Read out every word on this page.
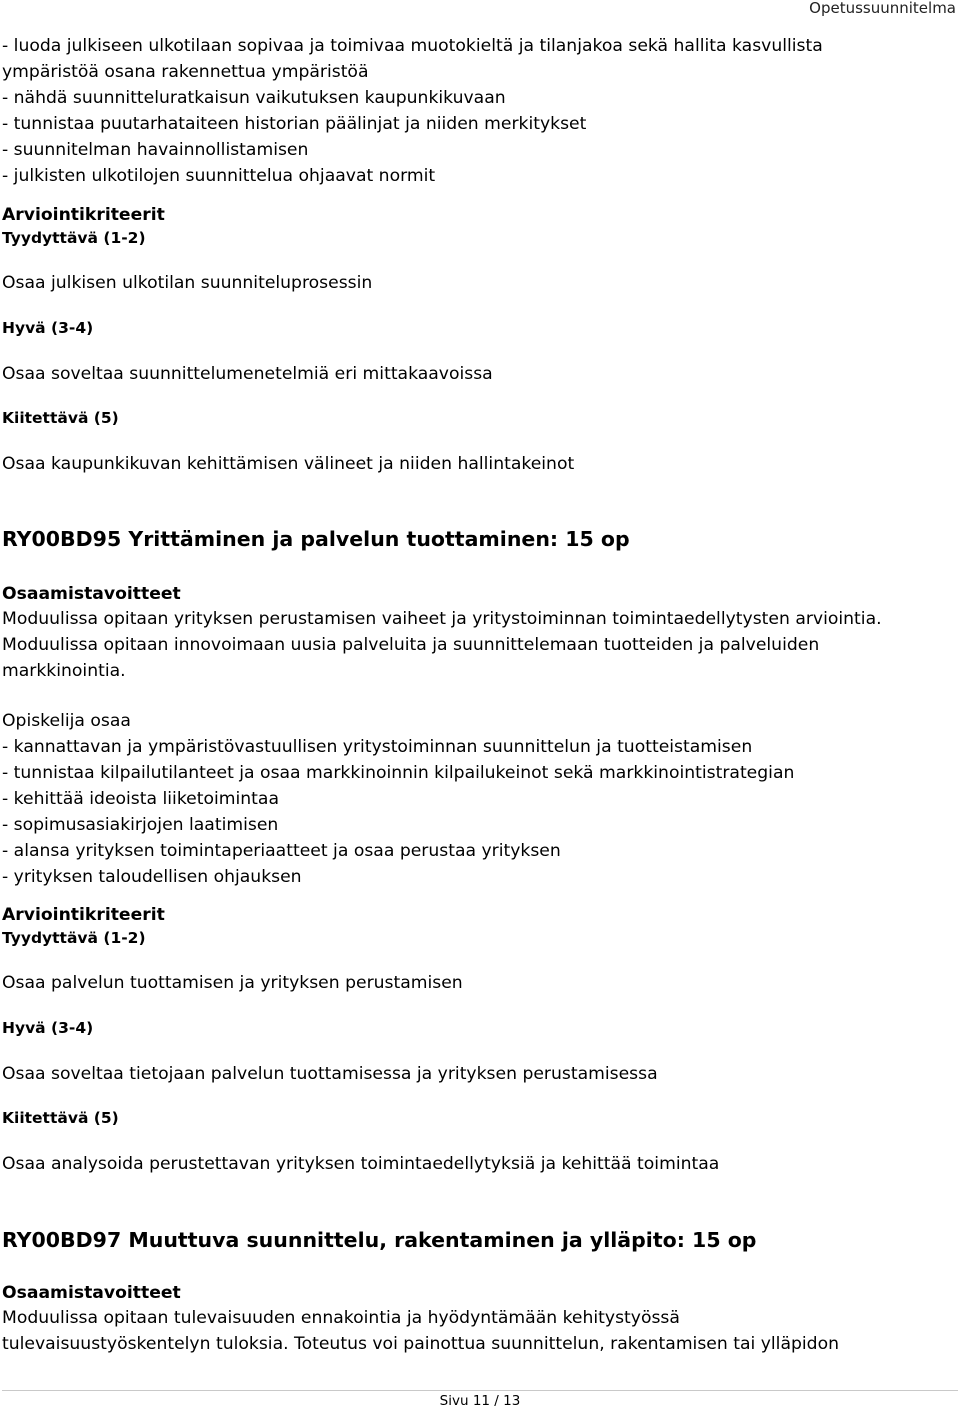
Opetussuunnitelma
- luoda julkiseen ulkotilaan sopivaa ja toimivaa muotokieltä ja tilanjakoa sekä hallita kasvullista
ympäristöä osana rakennettua ympäristöä
- nähdä suunnitteluratkaisun vaikutuksen kaupunkikuvaan
- tunnistaa puutarhataiteen historian päälinjat ja niiden merkitykset
- suunnitelman havainnollistamisen
- julkisten ulkotilojen suunnittelua ohjaavat normit
Arviointikriteerit
Tyydyttävä (1-2)
Osaa julkisen ulkotilan suunniteluprosessin
Hyvä (3-4)
Osaa soveltaa suunnittelumenetelmiä eri mittakaavoissa
Kiitettävä (5)
Osaa kaupunkikuvan kehittämisen välineet ja niiden hallintakeinot
RY00BD95 Yrittäminen ja palvelun tuottaminen: 15 op
Osaamistavoitteet
Moduulissa opitaan yrityksen perustamisen vaiheet ja yritystoiminnan toimintaedellytysten arviointia.
Moduulissa opitaan innovoimaan uusia palveluita ja suunnittelemaan tuotteiden ja palveluiden
markkinointia.
Opiskelija osaa
- kannattavan ja ympäristövastuullisen yritystoiminnan suunnittelun ja tuotteistamisen
- tunnistaa kilpailutilanteet ja osaa markkinoinnin kilpailukeinot sekä markkinointistrategian
- kehittää ideoista liiketoimintaa
- sopimusasiakirjojen laatimisen
- alansa yrityksen toimintaperiaatteet ja osaa perustaa yrityksen
- yrityksen taloudellisen ohjauksen
Arviointikriteerit
Tyydyttävä (1-2)
Osaa palvelun tuottamisen ja yrityksen perustamisen
Hyvä (3-4)
Osaa soveltaa tietojaan palvelun tuottamisessa ja yrityksen perustamisessa
Kiitettävä (5)
Osaa analysoida perustettavan yrityksen toimintaedellytyksiä ja kehittää toimintaa
RY00BD97 Muuttuva suunnittelu, rakentaminen ja ylläpito: 15 op
Osaamistavoitteet
Moduulissa opitaan tulevaisuuden ennakointia ja hyödyntämään kehitystyössä
tulevaisuustyöskentelyn tuloksia. Toteutus voi painottua suunnittelun, rakentamisen tai ylläpidon
Sivu 11 / 13
